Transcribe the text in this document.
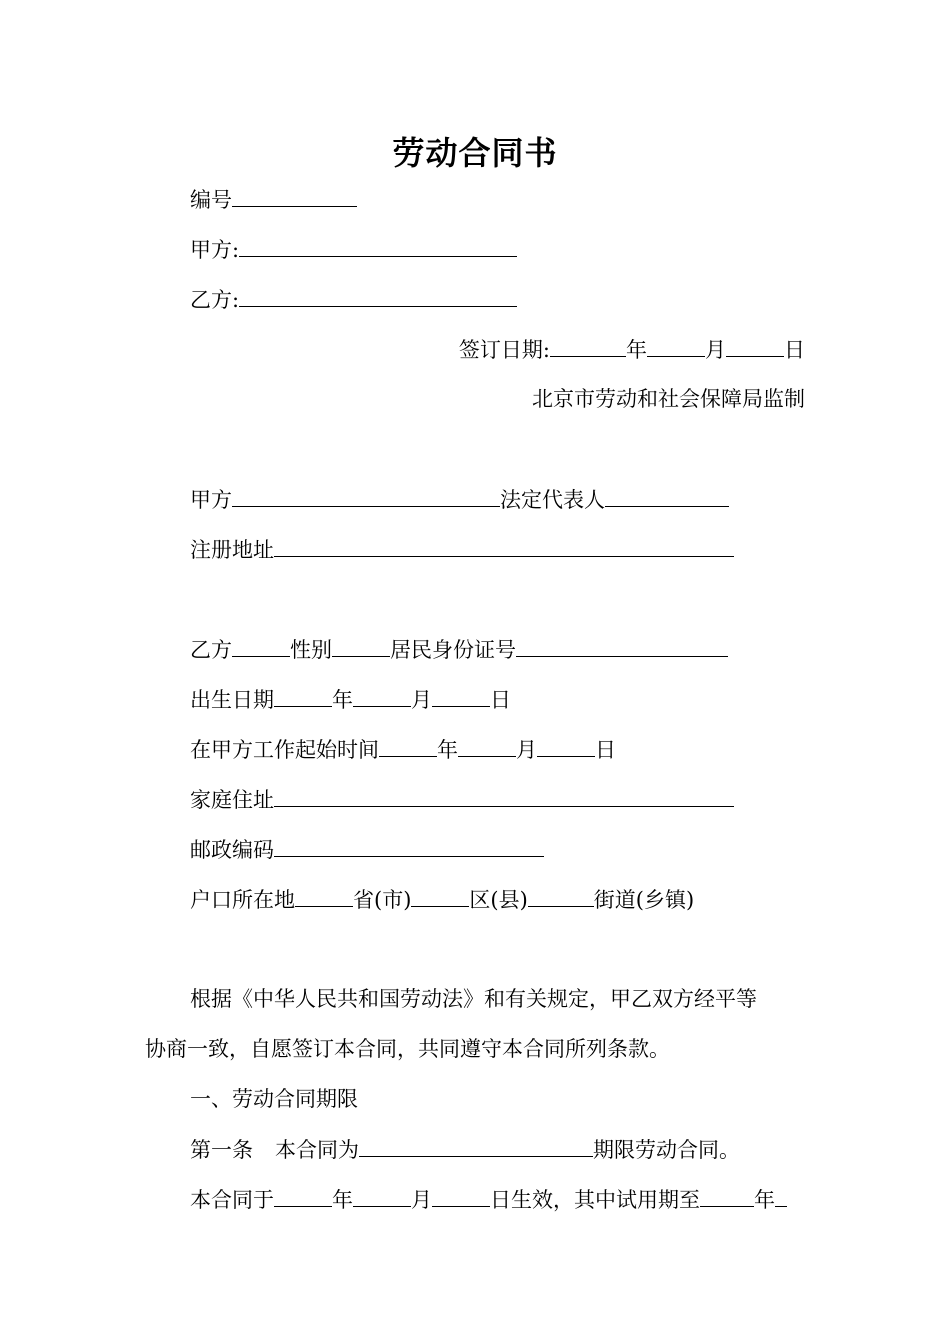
劳动合同书
编号
甲方:
乙方:
签订日期:	年	月	日
北京市劳动和社会保障局监制
甲方	法定代表人
注册地址
乙方	性别	居民身份证号
出生日期	年	月	日
在甲方工作起始时间	年	月	日
家庭住址
邮政编码
户口所在地	省(市)	区(县)	街道(乡镇)
根据《中华人民共和国劳动法》和有关规定，甲乙双方经平等
协商一致，自愿签订本合同，共同遵守本合同所列条款。
一、劳动合同期限
第一条 本合同为	期限劳动合同。
本合同于	年	月	日生效，其中试用期至	年
